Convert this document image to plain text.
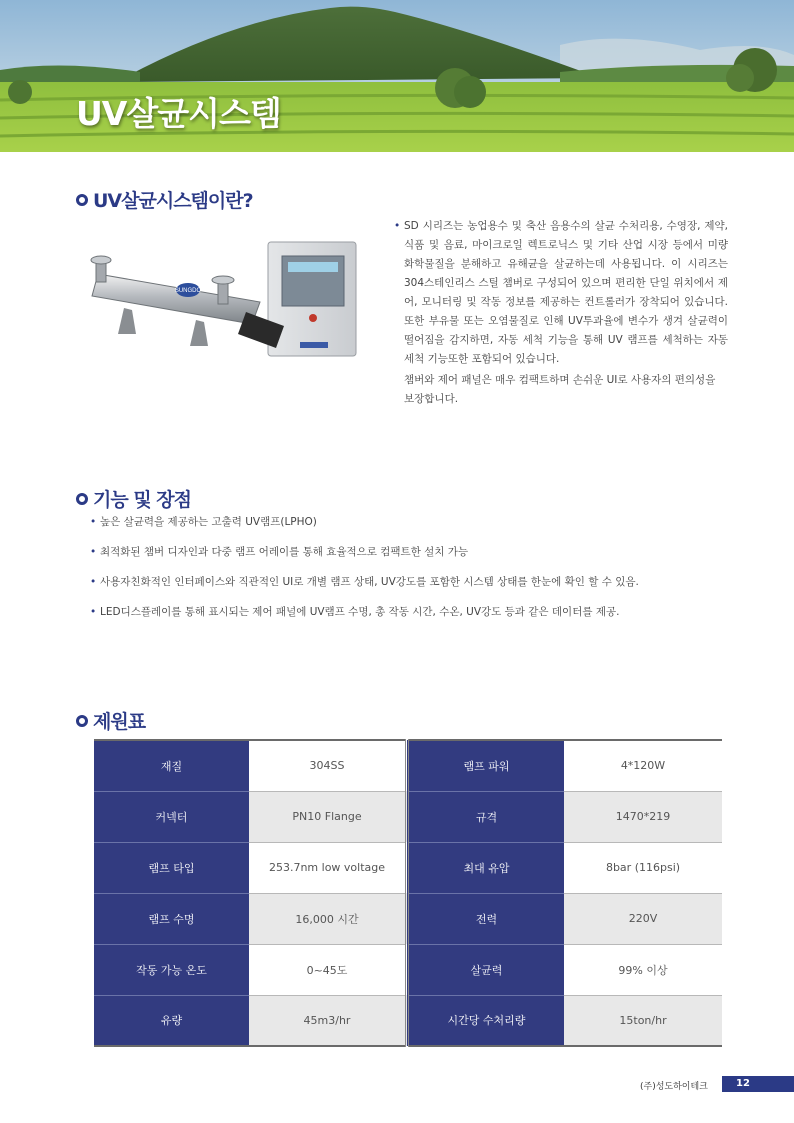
UV살균시스템
UV살균시스템이란?
SUNGDO

• SD 시리즈는 농업용수 및 축산 음용수의 살균 수처리용, 수영장, 제약, 식품 및 음료, 마이크로일 렉트로닉스 및 기타 산업 시장 등에서 미량 화학물질을 분해하고 유해균을 살균하는데 사용됩니다. 이 시리즈는 304스테인리스 스틸 챔버로 구성되어 있으며 편리한 단일 위치에서 제어, 모니터링 및 작동 정보를 제공하는 컨트롤러가 장착되어 있습니다. 또한 부유물 또는 오염물질로 인해 UV투과율에 변수가 생겨 살균력이 떨어짐을 감지하면, 자동 세척 기능을 통해 UV 램프를 세척하는 자동 세척 기능또한 포함되어 있습니다.

챔버와 제어 패널은 매우 컴팩트하며 손쉬운 UI로 사용자의 편의성을 보장합니다.

기능 및 장점
• 높은 살균력을 제공하는 고출력 UV램프(LPHO)
• 최적화된 챔버 디자인과 다중 램프 어레이를 통해 효율적으로 컴팩트한 설치 가능
• 사용자친화적인 인터페이스와 직관적인 UI로 개별 램프 상태, UV강도를 포함한 시스템 상태를 한눈에 확인 할 수 있음.
• LED디스플레이를 통해 표시되는 제어 패널에 UV램프 수명, 총 작동 시간, 수온, UV강도 등과 같은 데이터를 제공.
제원표
재질	304SS	램프 파워	4*120W
커넥터	PN10 Flange	규격	1470*219
램프 타입	253.7nm low voltage	최대 유압	8bar (116psi)
램프 수명	16,000 시간	전력	220V
작동 가능 온도	0~45도	살균력	99% 이상
유량	45m3/hr	시간당 수처리량	15ton/hr
(주)성도하이테크	12
